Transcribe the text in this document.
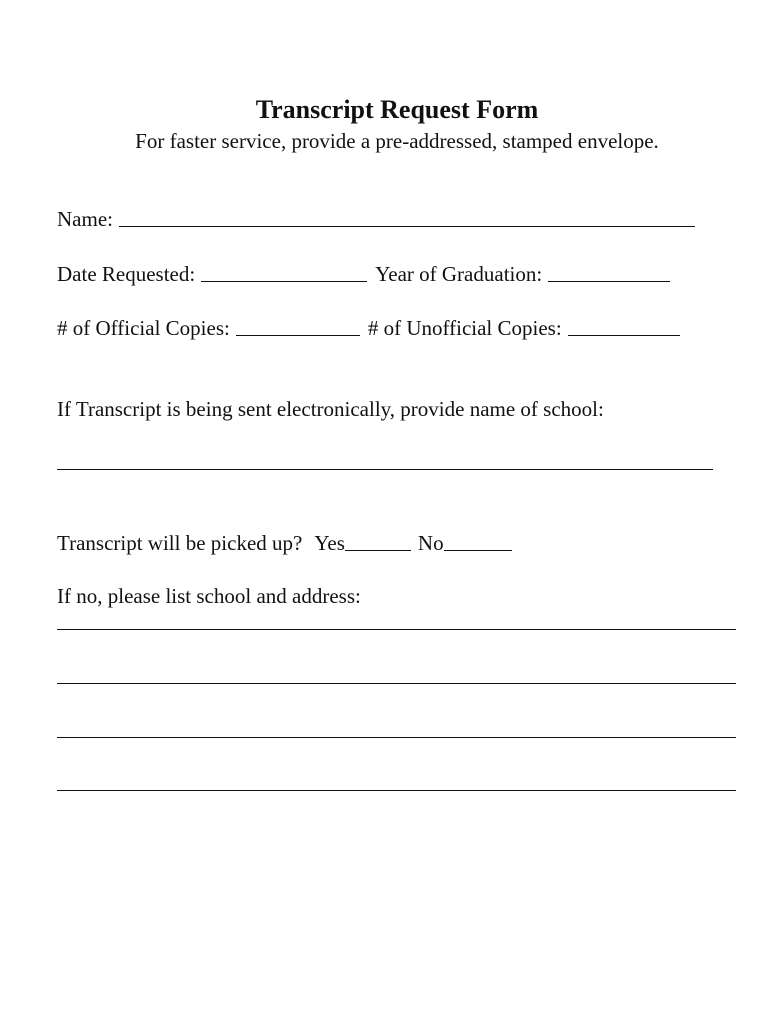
Transcript Request Form
For faster service, provide a pre-addressed, stamped envelope.
Name:
Date Requested:	Year of Graduation:
# of Official Copies:	# of Unofficial Copies:
If Transcript is being sent electronically, provide name of school:
Transcript will be picked up? Yes	No
If no, please list school and address:
